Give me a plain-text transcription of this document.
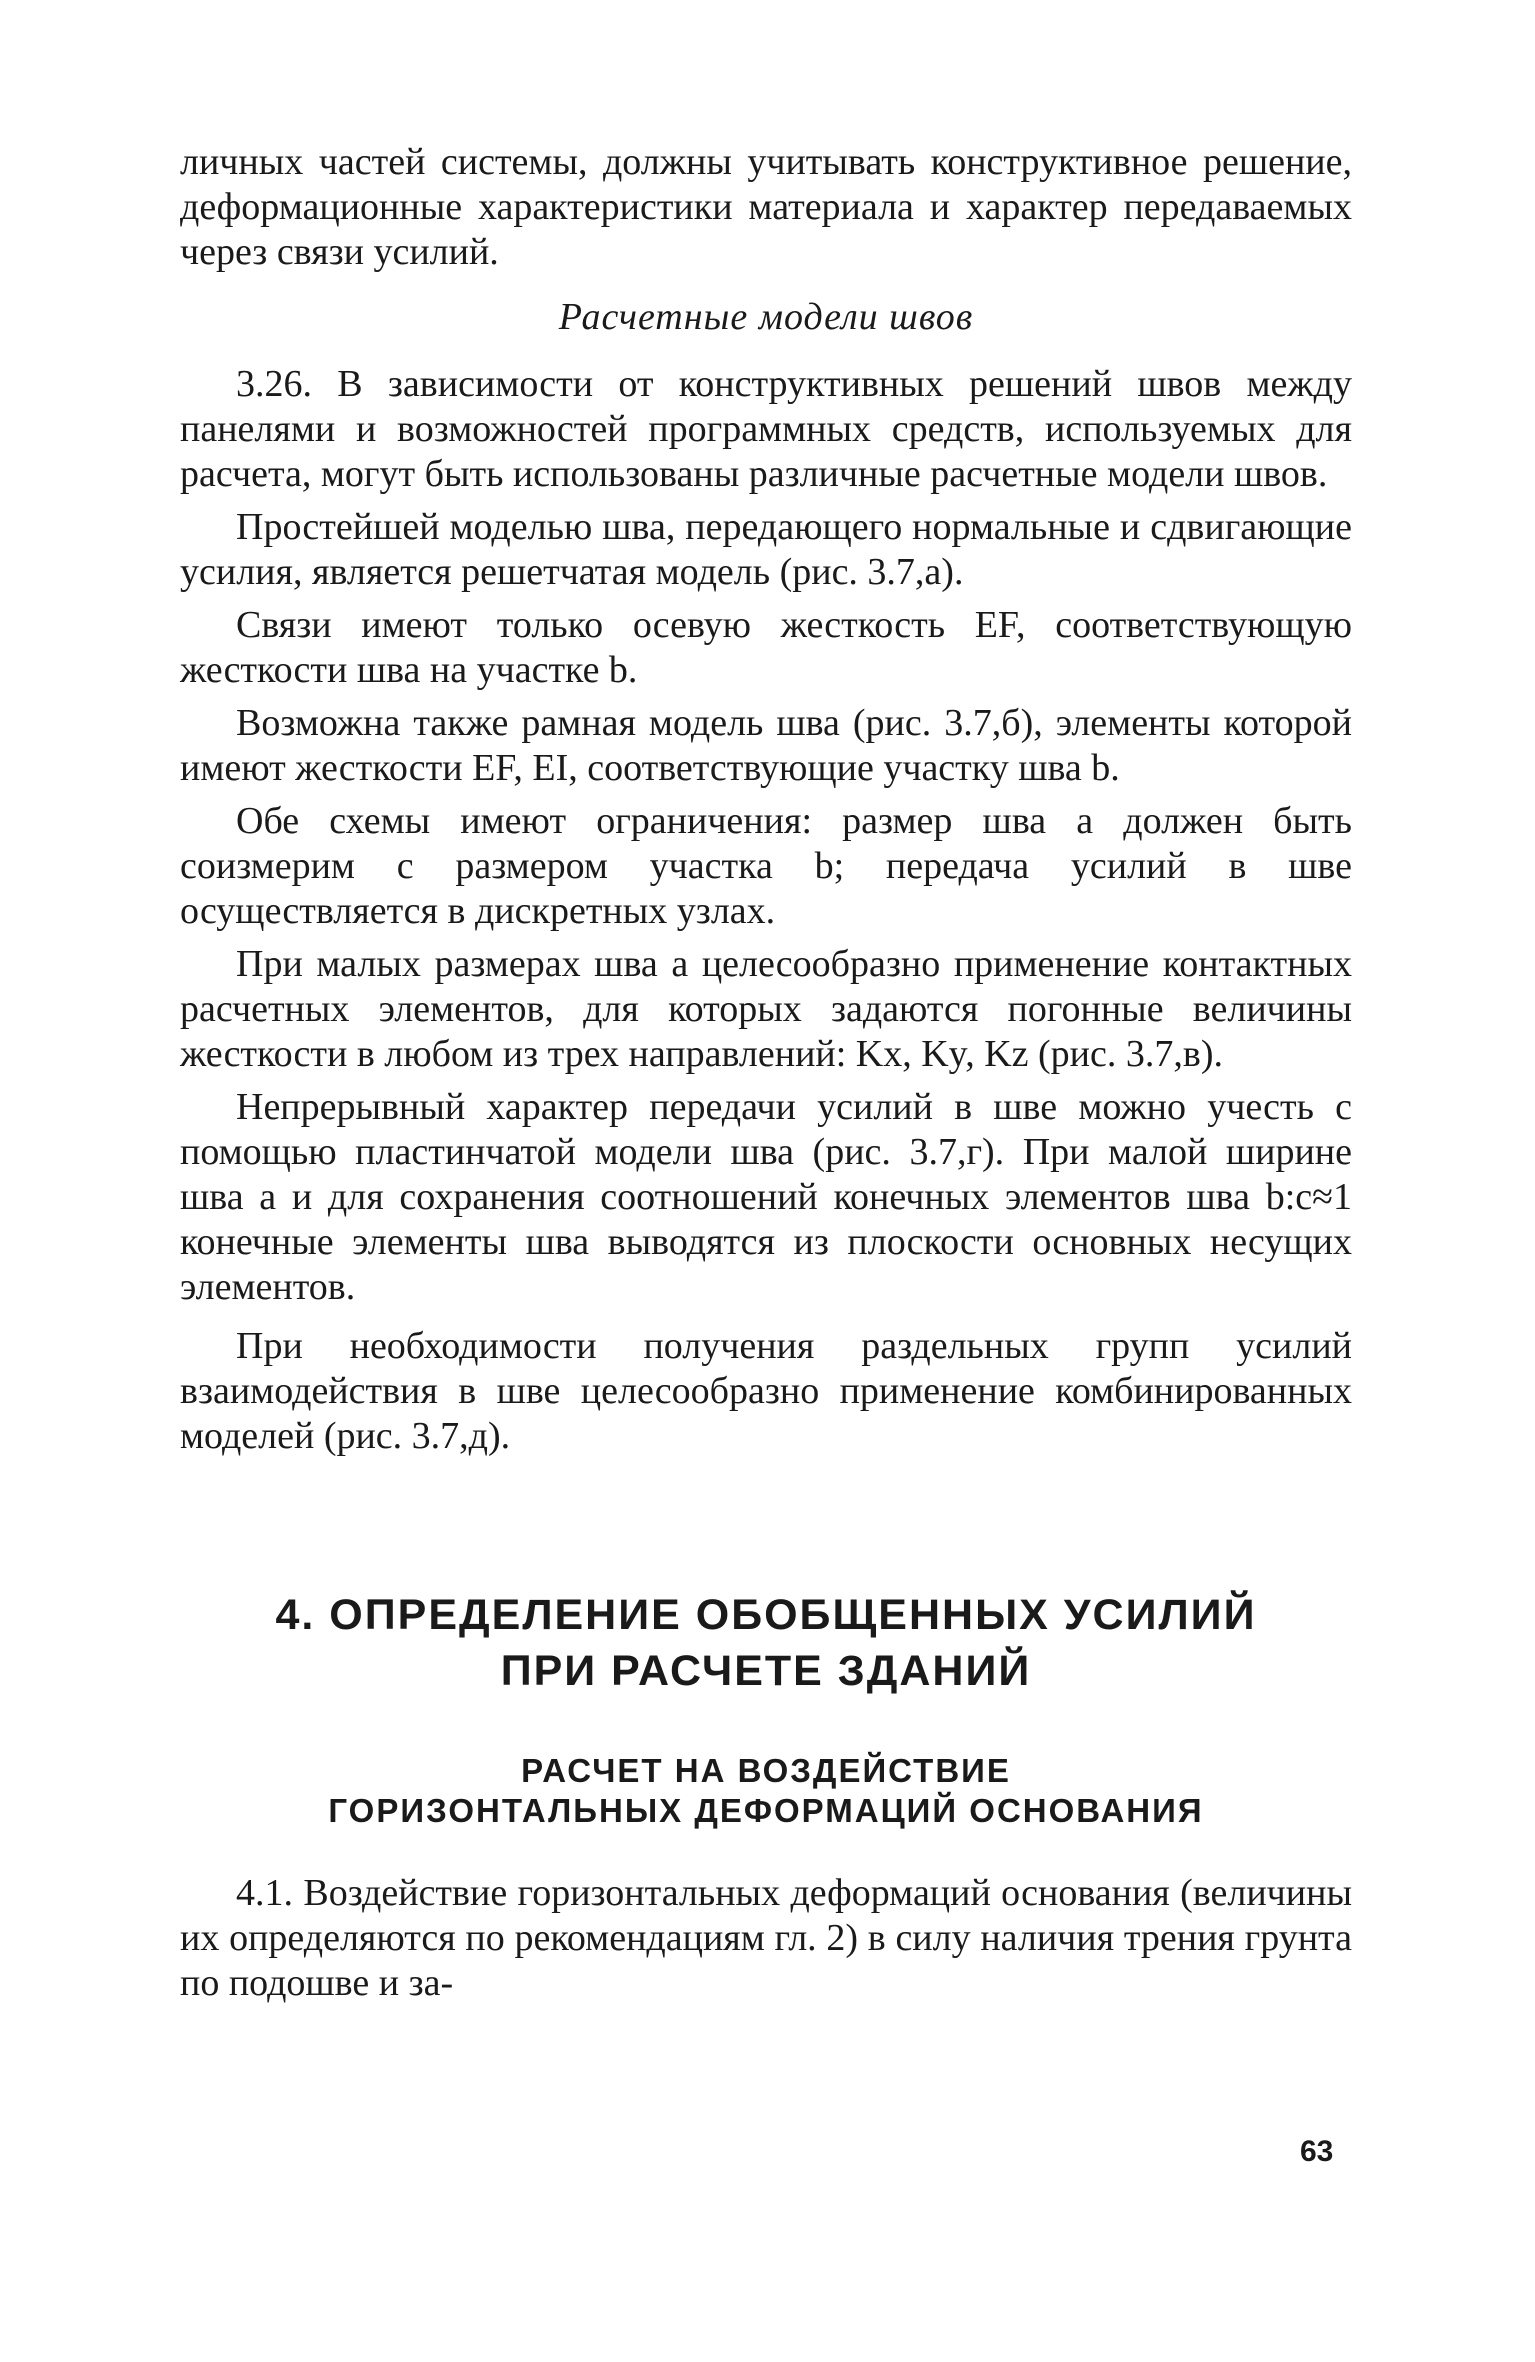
личных частей системы, должны учитывать конструктивное решение, деформационные характеристики материала и характер передаваемых через связи усилий.

Расчетные модели швов

3.26. В зависимости от конструктивных решений швов между панелями и возможностей программных средств, используемых для расчета, могут быть использованы различные расчетные модели швов.

Простейшей моделью шва, передающего нормальные и сдвигающие усилия, является решетчатая модель (рис. 3.7,а).

Связи имеют только осевую жесткость EF, соответствующую жесткости шва на участке b.

Возможна также рамная модель шва (рис. 3.7,б), элементы которой имеют жесткости EF, EI, соответствующие участку шва b.

Обе схемы имеют ограничения: размер шва a должен быть соизмерим с размером участка b; передача усилий в шве осуществляется в дискретных узлах.

При малых размерах шва a целесообразно применение контактных расчетных элементов, для которых задаются погонные величины жесткости в любом из трех направлений: Kx, Ky, Kz (рис. 3.7,в).

Непрерывный характер передачи усилий в шве можно учесть с помощью пластинчатой модели шва (рис. 3.7,г). При малой ширине шва a и для сохранения соотношений конечных элементов шва b:c≈1 конечные элементы шва выводятся из плоскости основных несущих элементов.

При необходимости получения раздельных групп усилий взаимодействия в шве целесообразно применение комбинированных моделей (рис. 3.7,д).

4. ОПРЕДЕЛЕНИЕ ОБОБЩЕННЫХ УСИЛИЙ
ПРИ РАСЧЕТЕ ЗДАНИЙ
РАСЧЕТ НА ВОЗДЕЙСТВИЕ
ГОРИЗОНТАЛЬНЫХ ДЕФОРМАЦИЙ ОСНОВАНИЯ

4.1. Воздействие горизонтальных деформаций основания (величины их определяются по рекомендациям гл. 2) в силу наличия трения грунта по подошве и за-

63
